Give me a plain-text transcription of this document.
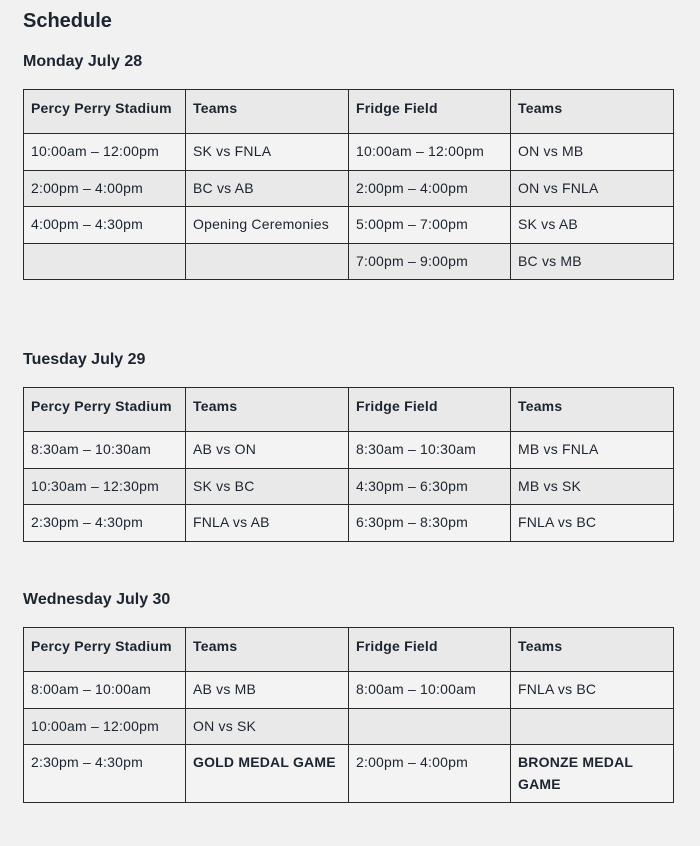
Schedule
Monday July 28
Percy Perry Stadium	Teams	Fridge Field	Teams
10:00am – 12:00pm	SK vs FNLA	10:00am – 12:00pm	ON vs MB
2:00pm – 4:00pm	BC vs AB	2:00pm – 4:00pm	ON vs FNLA
4:00pm – 4:30pm	Opening Ceremonies	5:00pm – 7:00pm	SK vs AB
		7:00pm – 9:00pm	BC vs MB
Tuesday July 29
Percy Perry Stadium	Teams	Fridge Field	Teams
8:30am – 10:30am	AB vs ON	8:30am – 10:30am	MB vs FNLA
10:30am – 12:30pm	SK vs BC	4:30pm – 6:30pm	MB vs SK
2:30pm – 4:30pm	FNLA vs AB	6:30pm – 8:30pm	FNLA vs BC
Wednesday July 30
Percy Perry Stadium	Teams	Fridge Field	Teams
8:00am – 10:00am	AB vs MB	8:00am – 10:00am	FNLA vs BC
10:00am – 12:00pm	ON vs SK		
2:30pm – 4:30pm	GOLD MEDAL GAME	2:00pm – 4:00pm	BRONZE MEDAL GAME
